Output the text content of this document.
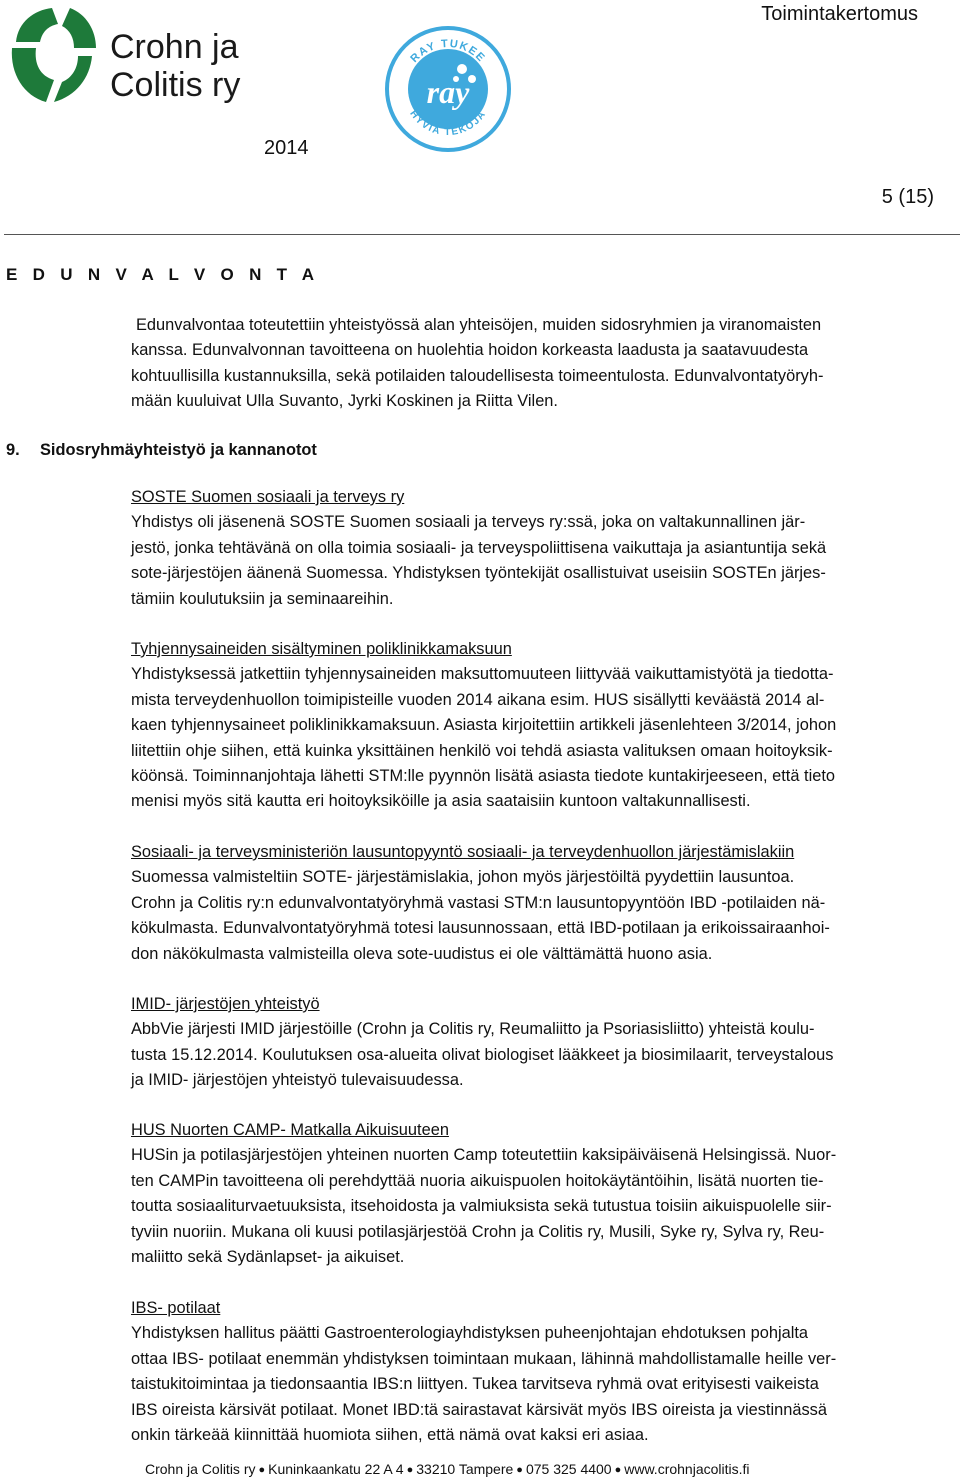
Crohn ja
Colitis ry
RAY TUKEE
HYVIÄ TEKOJA
ray
Toimintakertomus
2014
5 (15)
E D U N V A L V O N T A
Edunvalvontaa toteutettiin yhteistyössä alan yhteisöjen, muiden sidosryhmien ja viranomaisten
kanssa. Edunvalvonnan tavoitteena on huolehtia hoidon korkeasta laadusta ja saatavuudesta
kohtuullisilla kustannuksilla, sekä potilaiden taloudellisesta toimeentulosta. Edunvalvontatyöryh-
mään kuuluivat Ulla Suvanto, Jyrki Koskinen ja Riitta Vilen.
9. Sidosryhmäyhteistyö ja kannanotot
SOSTE Suomen sosiaali ja terveys ry
Yhdistys oli jäsenenä SOSTE Suomen sosiaali ja terveys ry:ssä, joka on valtakunnallinen jär-
jestö, jonka tehtävänä on olla toimia sosiaali- ja terveyspoliittisena vaikuttaja ja asiantuntija sekä
sote-järjestöjen äänenä Suomessa. Yhdistyksen työntekijät osallistuivat useisiin SOSTEn järjes-
tämiin koulutuksiin ja seminaareihin.
Tyhjennysaineiden sisältyminen poliklinikkamaksuun
Yhdistyksessä jatkettiin tyhjennysaineiden maksuttomuuteen liittyvää vaikuttamistyötä ja tiedotta-
mista terveydenhuollon toimipisteille vuoden 2014 aikana esim. HUS sisällytti keväästä 2014 al-
kaen tyhjennysaineet poliklinikkamaksuun. Asiasta kirjoitettiin artikkeli jäsenlehteen 3/2014, johon
liitettiin ohje siihen, että kuinka yksittäinen henkilö voi tehdä asiasta valituksen omaan hoitoyksik-
köönsä. Toiminnanjohtaja lähetti STM:lle pyynnön lisätä asiasta tiedote kuntakirjeeseen, että tieto
menisi myös sitä kautta eri hoitoyksiköille ja asia saataisiin kuntoon valtakunnallisesti.
Sosiaali- ja terveysministeriön lausuntopyyntö sosiaali- ja terveydenhuollon järjestämislakiin
Suomessa valmisteltiin SOTE- järjestämislakia, johon myös järjestöiltä pyydettiin lausuntoa.
Crohn ja Colitis ry:n edunvalvontatyöryhmä vastasi STM:n lausuntopyyntöön IBD -potilaiden nä-
kökulmasta. Edunvalvontatyöryhmä totesi lausunnossaan, että IBD-potilaan ja erikoissairaanhoi-
don näkökulmasta valmisteilla oleva sote-uudistus ei ole välttämättä huono asia.
IMID- järjestöjen yhteistyö
AbbVie järjesti IMID järjestöille (Crohn ja Colitis ry, Reumaliitto ja Psoriasisliitto) yhteistä koulu-
tusta 15.12.2014. Koulutuksen osa-alueita olivat biologiset lääkkeet ja biosimilaarit, terveystalous
ja IMID- järjestöjen yhteistyö tulevaisuudessa.
HUS Nuorten CAMP- Matkalla Aikuisuuteen
HUSin ja potilasjärjestöjen yhteinen nuorten Camp toteutettiin kaksipäiväisenä Helsingissä. Nuor-
ten CAMPin tavoitteena oli perehdyttää nuoria aikuispuolen hoitokäytäntöihin, lisätä nuorten tie-
toutta sosiaaliturvaetuuksista, itsehoidosta ja valmiuksista sekä tutustua toisiin aikuispuolelle siir-
tyviin nuoriin. Mukana oli kuusi potilasjärjestöä Crohn ja Colitis ry, Musili, Syke ry, Sylva ry, Reu-
maliitto sekä Sydänlapset- ja aikuiset.
IBS- potilaat
Yhdistyksen hallitus päätti Gastroenterologiayhdistyksen puheenjohtajan ehdotuksen pohjalta
ottaa IBS- potilaat enemmän yhdistyksen toimintaan mukaan, lähinnä mahdollistamalle heille ver-
taistukitoimintaa ja tiedonsaantia IBS:n liittyen. Tukea tarvitseva ryhmä ovat erityisesti vaikeista
IBS oireista kärsivät potilaat. Monet IBD:tä sairastavat kärsivät myös IBS oireista ja viestinnässä
onkin tärkeää kiinnittää huomiota siihen, että nämä ovat kaksi eri asiaa.
Crohn ja Colitis ry ● Kuninkaankatu 22 A 4 ● 33210 Tampere ● 075 325 4400 ● www.crohnjacolitis.fi
